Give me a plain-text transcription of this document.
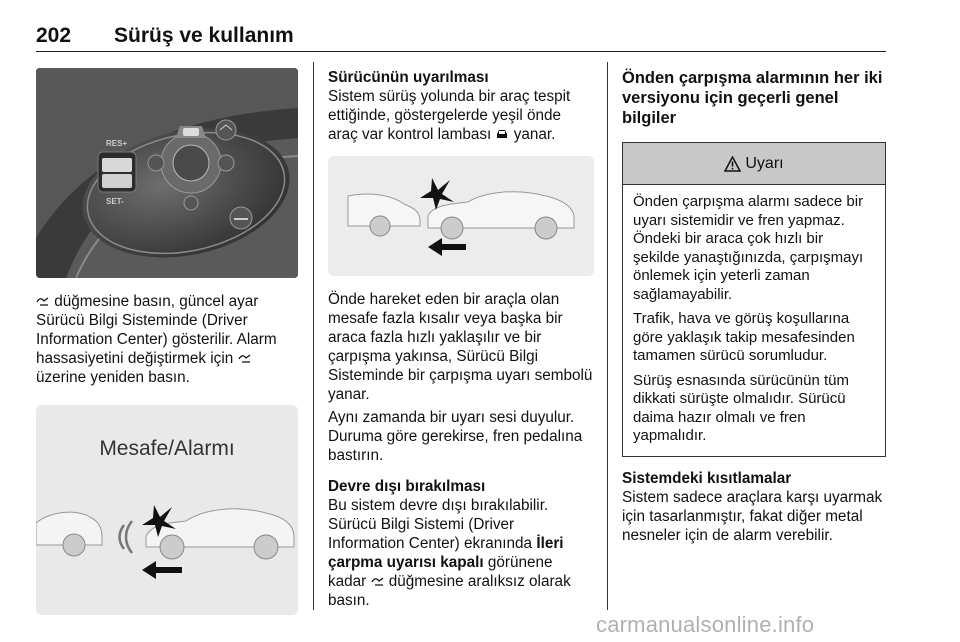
202 Sürüş ve kullanım
RES+
SET-

düğmesine basın, güncel ayar Sürücü Bilgi Sisteminde (Driver Information Center) gösterilir. Alarm hassasiyetini değiştirmek için  üzerine yeniden basın.

Mesafe/Alarmı

Sürücünün uyarılması

Sistem sürüş yolunda bir araç tespit ettiğinde, göstergelerde yeşil önde araç var kontrol lambası  yanar.

Önde hareket eden bir araçla olan mesafe fazla kısalır veya başka bir araca fazla hızlı yaklaşılır ve bir çarpışma yakınsa, Sürücü Bilgi Sisteminde bir çarpışma uyarı sembolü yanar.

Aynı zamanda bir uyarı sesi duyulur. Duruma göre gerekirse, fren pedalına bastırın.

Devre dışı bırakılması

Bu sistem devre dışı bırakılabilir. Sürücü Bilgi Sistemi (Driver Information Center) ekranında İleri çarpma uyarısı kapalı görünene kadar  düğmesine aralıksız olarak basın.

Önden çarpışma alarmının her iki versiyonu için geçerli genel bilgiler

Uyarı

Önden çarpışma alarmı sadece bir uyarı sistemidir ve fren yapmaz. Öndeki bir araca çok hızlı bir şekilde yanaştığınızda, çarpışmayı önlemek için yeterli zaman sağlamayabilir.

Trafik, hava ve görüş koşullarına göre yaklaşık takip mesafesinden tamamen sürücü sorumludur.

Sürüş esnasında sürücünün tüm dikkati sürüşte olmalıdır. Sürücü daima hazır olmalı ve fren yapmalıdır.

Sistemdeki kısıtlamalar

Sistem sadece araçlara karşı uyarmak için tasarlanmıştır, fakat diğer metal nesneler için de alarm verebilir.

carmanualsonline.info
